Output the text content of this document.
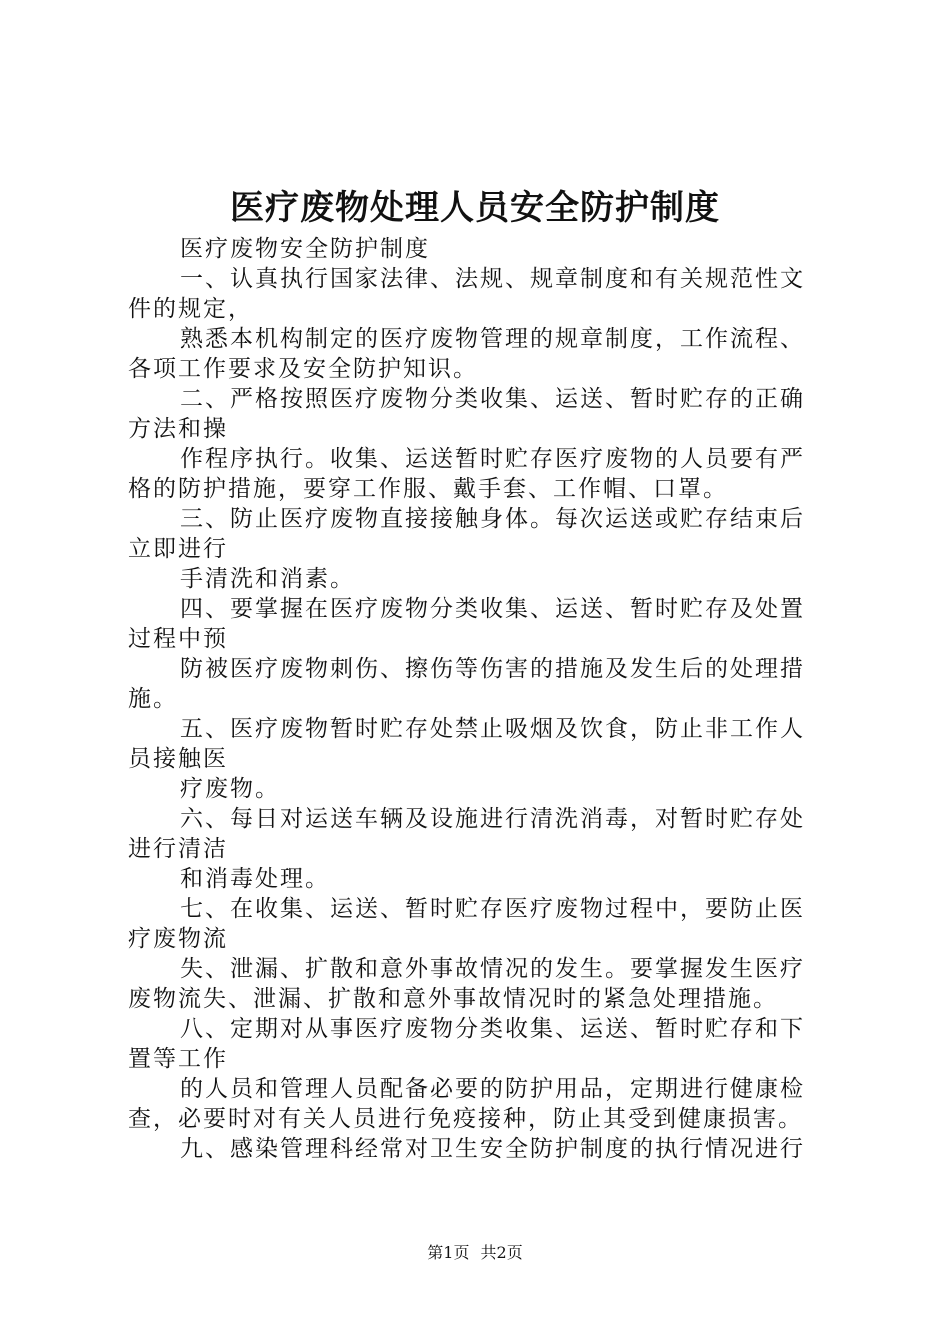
医疗废物处理人员安全防护制度

医疗废物安全防护制度

一、认真执行国家法律、法规、规章制度和有关规范性文

件的规定，

熟悉本机构制定的医疗废物管理的规章制度，工作流程、

各项工作要求及安全防护知识。

二、严格按照医疗废物分类收集、运送、暂时贮存的正确

方法和操

作程序执行。收集、运送暂时贮存医疗废物的人员要有严

格的防护措施，要穿工作服、戴手套、工作帽、口罩。

三、防止医疗废物直接接触身体。每次运送或贮存结束后

立即进行

手清洗和消素。

四、要掌握在医疗废物分类收集、运送、暂时贮存及处置

过程中预

防被医疗废物刺伤、擦伤等伤害的措施及发生后的处理措

施。

五、医疗废物暂时贮存处禁止吸烟及饮食，防止非工作人

员接触医

疗废物。

六、每日对运送车辆及设施进行清洗消毒，对暂时贮存处

进行清洁

和消毒处理。

七、在收集、运送、暂时贮存医疗废物过程中，要防止医

疗废物流

失、泄漏、扩散和意外事故情况的发生。要掌握发生医疗

废物流失、泄漏、扩散和意外事故情况时的紧急处理措施。

八、定期对从事医疗废物分类收集、运送、暂时贮存和下

置等工作

的人员和管理人员配备必要的防护用品，定期进行健康检

查，必要时对有关人员进行免疫接种，防止其受到健康损害。

九、感染管理科经常对卫生安全防护制度的执行情况进行

第1页 共2页
